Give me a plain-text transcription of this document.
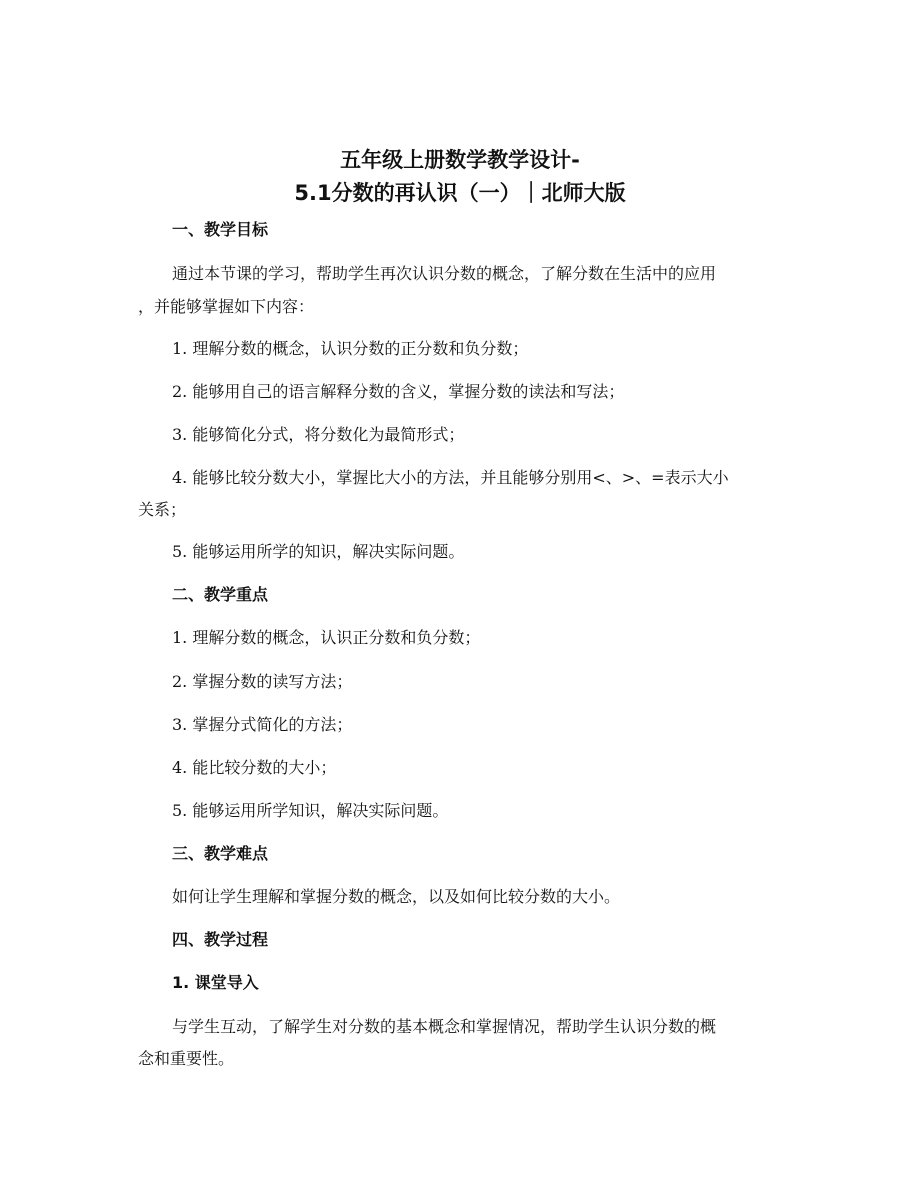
五年级上册数学教学设计-
5.1分数的再认识（一）｜北师大版
一、教学目标

通过本节课的学习，帮助学生再次认识分数的概念，了解分数在生活中的应用

，并能够掌握如下内容：

1. 理解分数的概念，认识分数的正分数和负分数；

2. 能够用自己的语言解释分数的含义，掌握分数的读法和写法；

3. 能够简化分式，将分数化为最简形式；

4. 能够比较分数大小，掌握比大小的方法，并且能够分别用<、>、=表示大小

关系；

5. 能够运用所学的知识，解决实际问题。

二、教学重点

1. 理解分数的概念，认识正分数和负分数；

2. 掌握分数的读写方法；

3. 掌握分式简化的方法；

4. 能比较分数的大小；

5. 能够运用所学知识，解决实际问题。

三、教学难点

如何让学生理解和掌握分数的概念，以及如何比较分数的大小。

四、教学过程
1. 课堂导入

与学生互动，了解学生对分数的基本概念和掌握情况，帮助学生认识分数的概

念和重要性。
